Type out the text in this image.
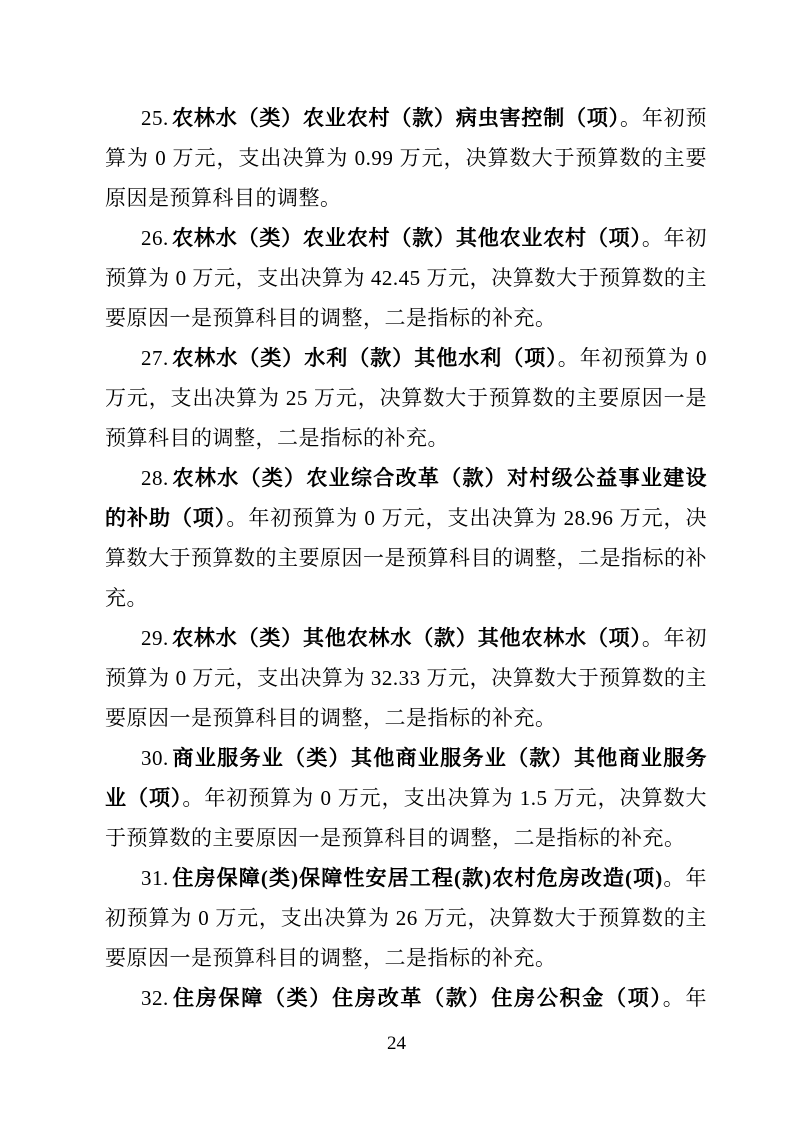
25. 农林水（类）农业农村（款）病虫害控制（项）。年初预算为 0 万元，支出决算为 0.99 万元，决算数大于预算数的主要原因是预算科目的调整。

26. 农林水（类）农业农村（款）其他农业农村（项）。年初预算为 0 万元，支出决算为 42.45 万元，决算数大于预算数的主要原因一是预算科目的调整，二是指标的补充。

27. 农林水（类）水利（款）其他水利（项）。年初预算为 0 万元，支出决算为 25 万元，决算数大于预算数的主要原因一是预算科目的调整，二是指标的补充。

28. 农林水（类）农业综合改革（款）对村级公益事业建设的补助（项）。年初预算为 0 万元，支出决算为 28.96 万元，决算数大于预算数的主要原因一是预算科目的调整，二是指标的补充。

29. 农林水（类）其他农林水（款）其他农林水（项）。年初预算为 0 万元，支出决算为 32.33 万元，决算数大于预算数的主要原因一是预算科目的调整，二是指标的补充。

30. 商业服务业（类）其他商业服务业（款）其他商业服务业（项）。年初预算为 0 万元，支出决算为 1.5 万元，决算数大于预算数的主要原因一是预算科目的调整，二是指标的补充。

31. 住房保障(类)保障性安居工程(款)农村危房改造(项)。年初预算为 0 万元，支出决算为 26 万元，决算数大于预算数的主要原因一是预算科目的调整，二是指标的补充。

32. 住房保障（类）住房改革（款）住房公积金（项）。年

24
